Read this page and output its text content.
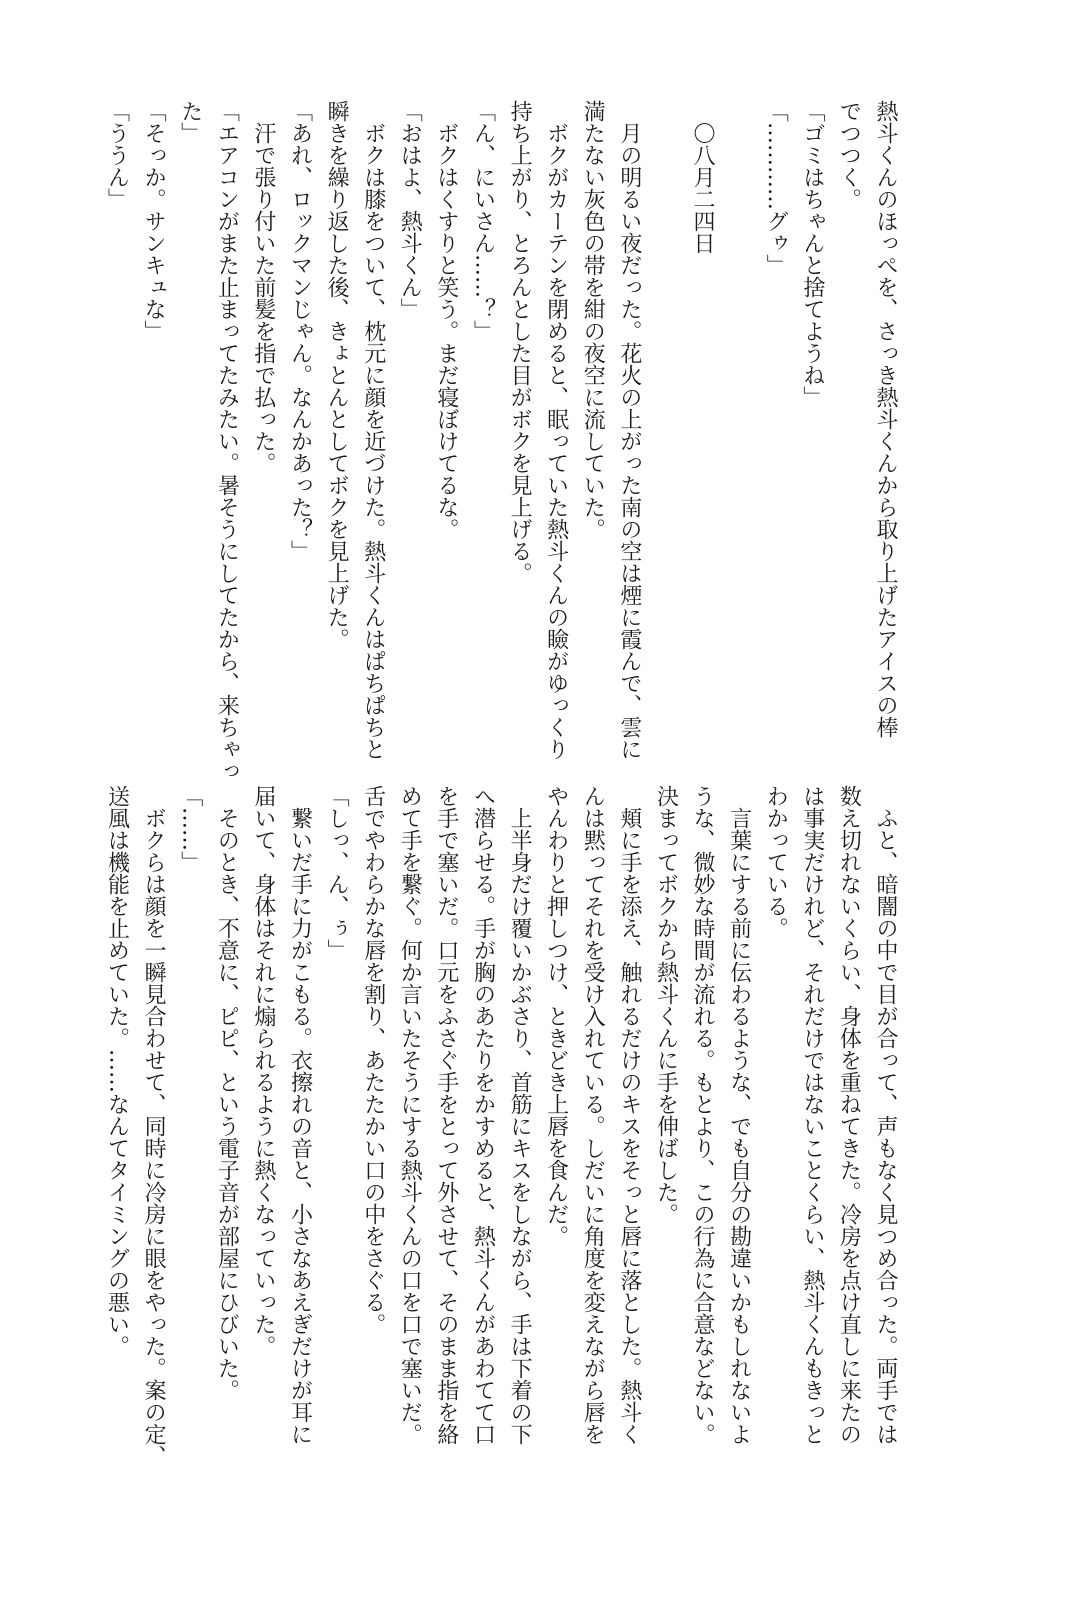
熱斗くんのほっぺを、さっき熱斗くんから取り上げたアイスの棒
でつつく。
「ゴミはちゃんと捨てようね」
「…………グゥ」

　〇八月二四日

　月の明るい夜だった。花火の上がった南の空は煙に霞んで、雲に
満たない灰色の帯を紺の夜空に流していた。
　ボクがカーテンを閉めると、眠っていた熱斗くんの瞼がゆっくり
持ち上がり、とろんとした目がボクを見上げる。
「ん、にいさん……？」
　ボクはくすりと笑う。まだ寝ぼけてるな。
「おはよ、熱斗くん」
　ボクは膝をついて、枕元に顔を近づけた。熱斗くんはぱちぱちと
瞬きを繰り返した後、きょとんとしてボクを見上げた。
「あれ、ロックマンじゃん。なんかあった？」
　汗で張り付いた前髪を指で払った。
「エアコンがまた止まってたみたい。暑そうにしてたから、来ちゃっ
た」
「そっか。サンキュな」
「ううん」
　ふと、暗闇の中で目が合って、声もなく見つめ合った。両手では
数え切れないくらい、身体を重ねてきた。冷房を点け直しに来たの
は事実だけれど、それだけではないことくらい、熱斗くんもきっと
わかっている。
　言葉にする前に伝わるような、でも自分の勘違いかもしれないよ
うな、微妙な時間が流れる。もとより、この行為に合意などない。
決まってボクから熱斗くんに手を伸ばした。
　頬に手を添え、触れるだけのキスをそっと唇に落とした。熱斗く
んは黙ってそれを受け入れている。しだいに角度を変えながら唇を
やんわりと押しつけ、ときどき上唇を食んだ。
　上半身だけ覆いかぶさり、首筋にキスをしながら、手は下着の下
へ潜らせる。手が胸のあたりをかすめると、熱斗くんがあわてて口
を手で塞いだ。口元をふさぐ手をとって外させて、そのまま指を絡
めて手を繋ぐ。何か言いたそうにする熱斗くんの口を口で塞いだ。
舌でやわらかな唇を割り、あたたかい口の中をさぐる。
「しっ、ん、ぅ」
　繋いだ手に力がこもる。衣擦れの音と、小さなあえぎだけが耳に
届いて、身体はそれに煽られるように熱くなっていった。
　そのとき、不意に、ピピ、という電子音が部屋にひびいた。
「……」
　ボクらは顔を一瞬見合わせて、同時に冷房に眼をやった。案の定、
送風は機能を止めていた。……なんてタイミングの悪い。
